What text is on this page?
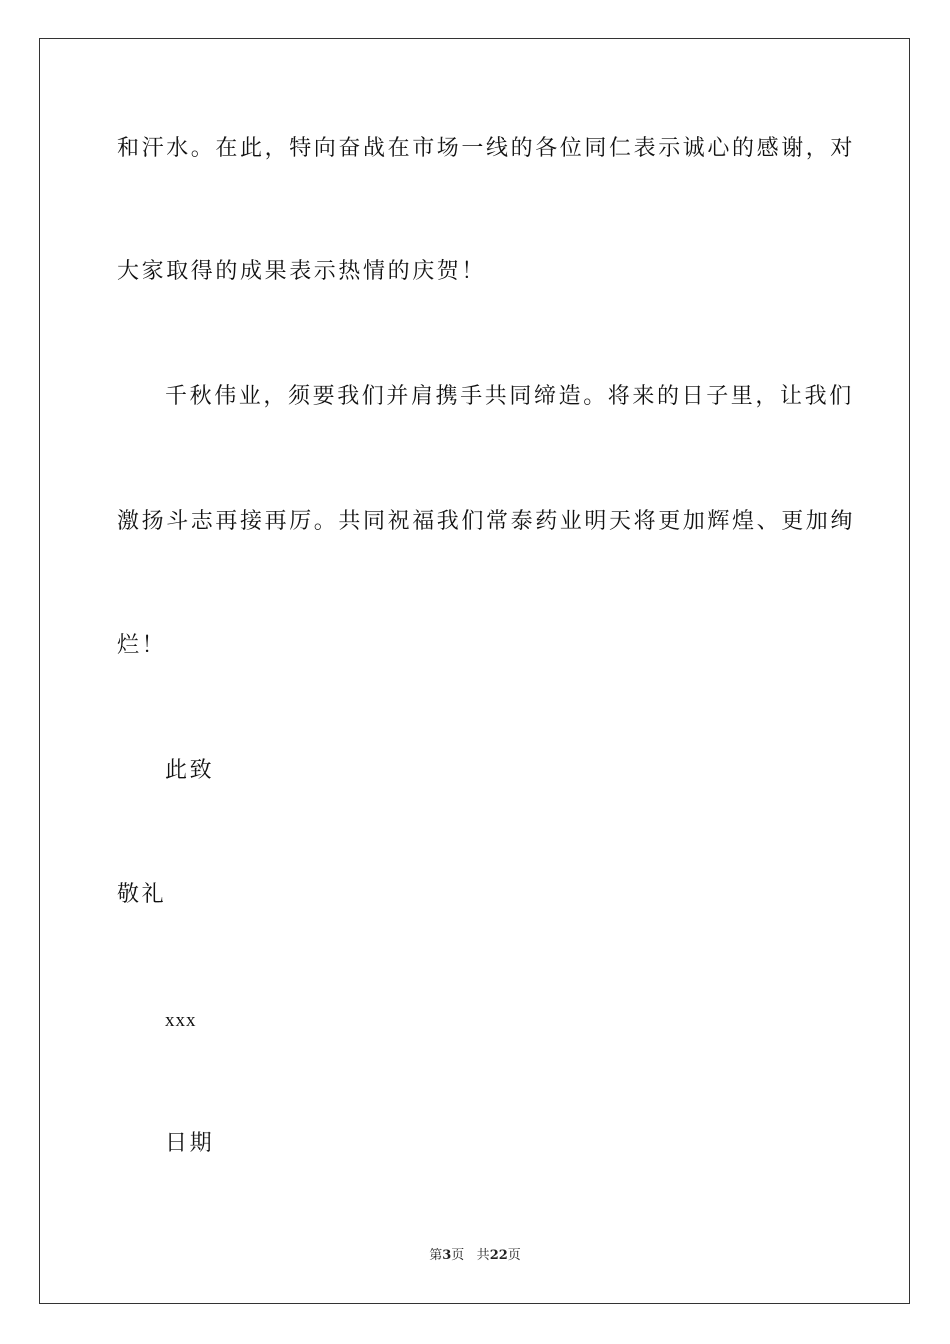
和汗水。在此，特向奋战在市场一线的各位同仁表示诚心的感谢，对
大家取得的成果表示热情的庆贺！
千秋伟业，须要我们并肩携手共同缔造。将来的日子里，让我们
激扬斗志再接再厉。共同祝福我们常泰药业明天将更加辉煌、更加绚
烂！
此致
敬礼
xxx
日期
第3页 共22页
